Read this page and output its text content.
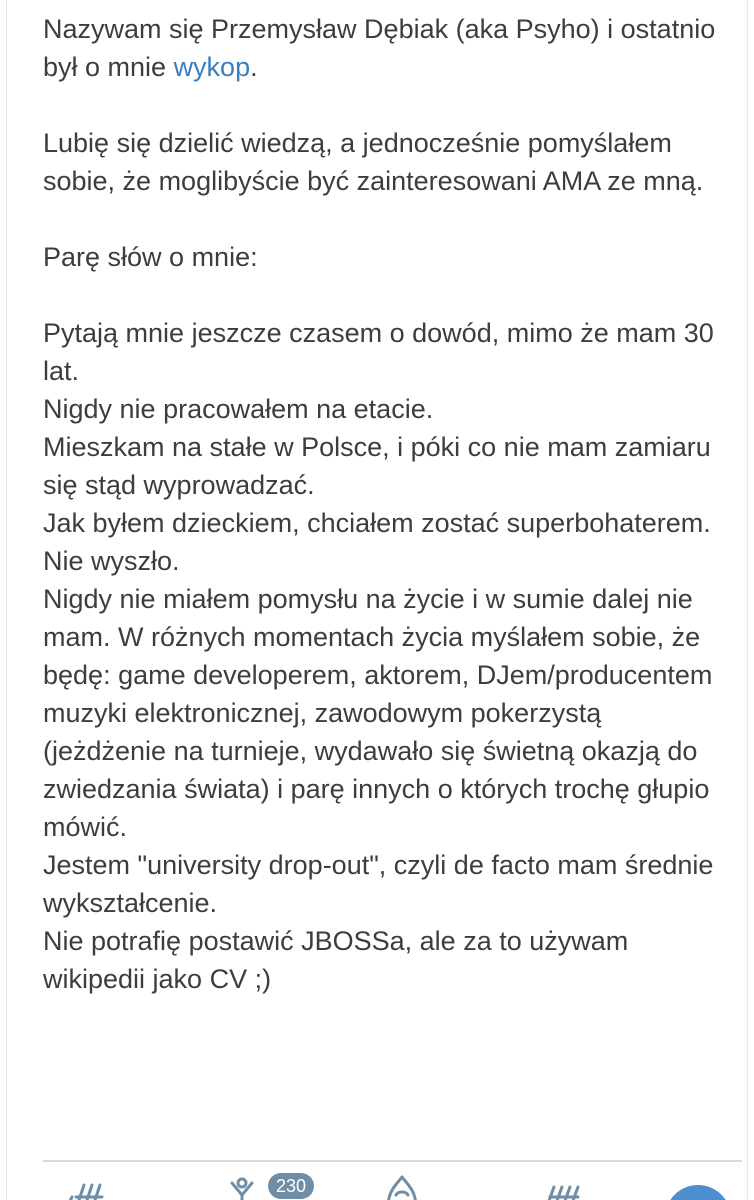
Nazywam się Przemysław Dębiak (aka Psyho) i ostatnio był o mnie wykop.

Lubię się dzielić wiedzą, a jednocześnie pomyślałem sobie, że moglibyście być zainteresowani AMA ze mną.

Parę słów o mnie:

Pytają mnie jeszcze czasem o dowód, mimo że mam 30 lat.

Nigdy nie pracowałem na etacie.

Mieszkam na stałe w Polsce, i póki co nie mam zamiaru się stąd wyprowadzać.

Jak byłem dzieckiem, chciałem zostać superbohaterem. Nie wyszło.

Nigdy nie miałem pomysłu na życie i w sumie dalej nie mam. W różnych momentach życia myślałem sobie, że będę: game developerem, aktorem, DJem/producentem muzyki elektronicznej, zawodowym pokerzystą (jeżdżenie na turnieje, wydawało się świetną okazją do zwiedzania świata) i parę innych o których trochę głupio mówić.

Jestem "university drop-out", czyli de facto mam średnie wykształcenie.

Nie potrafię postawić JBOSSa, ale za to używam wikipedii jako CV ;)

230
